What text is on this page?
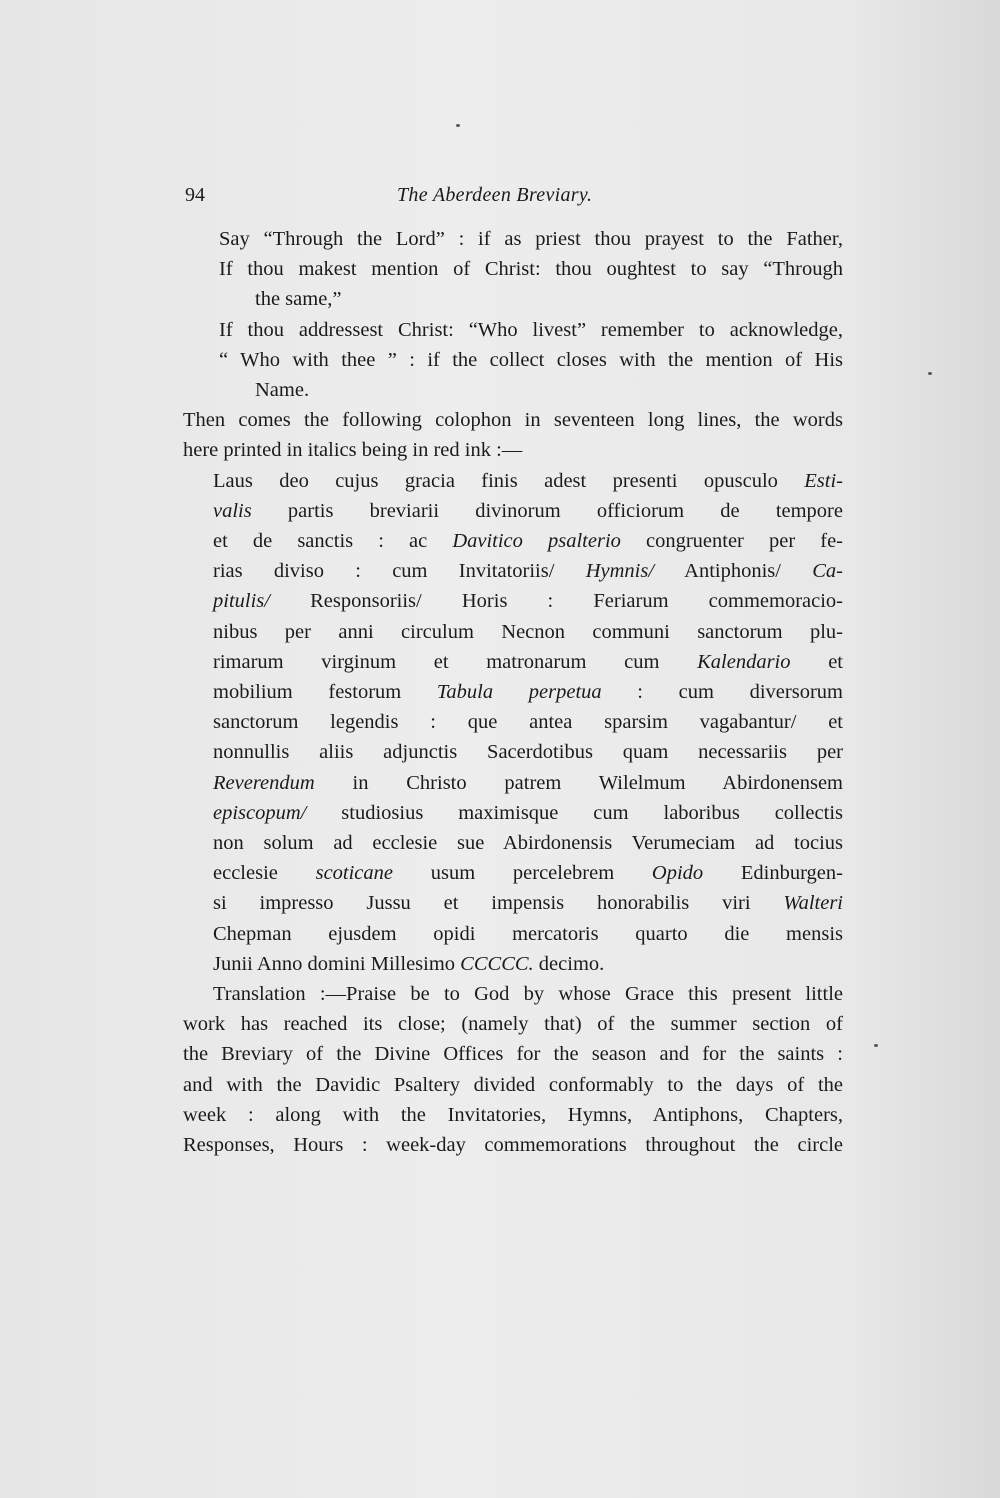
94	The Aberdeen Breviary.
Say “Through the Lord” : if as priest thou prayest to the Father,
If thou makest mention of Christ: thou oughtest to say “Through
the same,”
If thou addressest Christ: “Who livest” remember to acknowledge,
“ Who with thee ” : if the collect closes with the mention of His
Name.
Then comes the following colophon in seventeen long lines, the words
here printed in italics being in red ink :—
Laus deo cujus gracia finis adest presenti opusculo Esti-
valis partis breviarii divinorum officiorum de tempore
et de sanctis : ac Davitico psalterio congruenter per fe-
rias diviso : cum Invitatoriis/ Hymnis/ Antiphonis/ Ca-
pitulis/ Responsoriis/ Horis : Feriarum commemoracio-
nibus per anni circulum Necnon communi sanctorum plu-
rimarum virginum et matronarum cum Kalendario et
mobilium festorum Tabula perpetua : cum diversorum
sanctorum legendis : que antea sparsim vagabantur/ et
nonnullis aliis adjunctis Sacerdotibus quam necessariis per
Reverendum in Christo patrem Wilelmum Abirdonensem
episcopum/ studiosius maximisque cum laboribus collectis
non solum ad ecclesie sue Abirdonensis Verumeciam ad tocius
ecclesie scoticane usum percelebrem Opido Edinburgen-
si impresso Jussu et impensis honorabilis viri Walteri
Chepman ejusdem opidi mercatoris quarto die mensis
Junii Anno domini Millesimo CCCCC. decimo.
Translation :—Praise be to God by whose Grace this present little
work has reached its close; (namely that) of the summer section of
the Breviary of the Divine Offices for the season and for the saints :
and with the Davidic Psaltery divided conformably to the days of the
week : along with the Invitatories, Hymns, Antiphons, Chapters,
Responses, Hours : week-day commemorations throughout the circle
